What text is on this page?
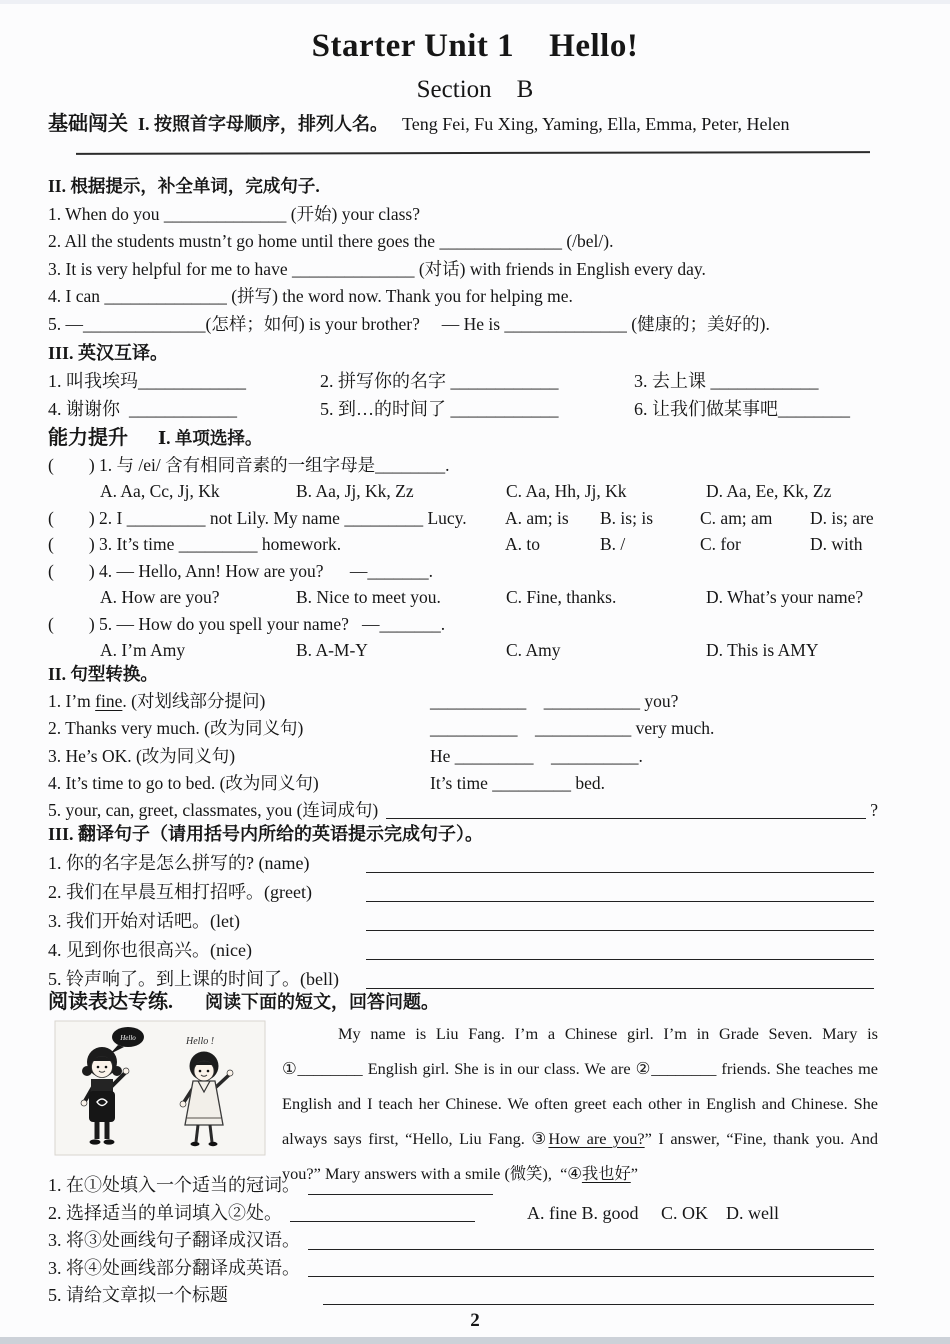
Starter Unit 1    Hello!
Section    B
基础闯关 I. 按照首字母顺序，排列人名。 Teng Fei, Fu Xing, Yaming, Ella, Emma, Peter, Helen
II. 根据提示，补全单词，完成句子.
1. When do you ______________ (开始) your class?
2. All the students mustn’t go home until there goes the ______________ (/bel/).
3. It is very helpful for me to have ______________ (对话) with friends in English every day.
4. I can ______________ (拼写) the word now. Thank you for helping me.
5. —______________(怎样；如何) is your brother?     — He is ______________ (健康的；美好的).
III. 英汉互译。
1. 叫我埃玛____________	2. 拼写你的名字 ____________	3. 去上课 ____________
4. 谢谢你  ____________	5. 到…的时间了 ____________	6. 让我们做某事吧________
能力提升 Ⅰ. 单项选择。
(        ) 1. 与 /ei/ 含有相同音素的一组字母是________.
A. Aa, Cc, Jj, Kk	B. Aa, Jj, Kk, Zz	C. Aa, Hh, Jj, Kk	D. Aa, Ee, Kk, Zz
(        ) 2. I _________ not Lily. My name _________ Lucy.	A. am; is	B. is; is	C. am; am	D. is; are
(        ) 3. It’s time _________ homework.	A. to	B. /	C. for	D. with
(        ) 4. — Hello, Ann! How are you?      —_______.
A. How are you?	B. Nice to meet you.	C. Fine, thanks.	D. What’s your name?
(        ) 5. — How do you spell your name?   —_______.
A. I’m Amy	B. A-M-Y	C. Amy	D. This is AMY
II. 句型转换。
1. I’m fine. (对划线部分提问)	___________    ___________ you?
2. Thanks very much. (改为同义句)	__________    ___________ very much.
3. He’s OK. (改为同义句)	He _________    __________.
4. It’s time to go to bed. (改为同义句)	It’s time _________ bed.
5. your, can, greet, classmates, you (连词成句)	?
III. 翻译句子（请用括号内所给的英语提示完成句子）。
1. 你的名字是怎么拼写的? (name)
2. 我们在早晨互相打招呼。(greet)
3. 我们开始对话吧。(let)
4. 见到你也很高兴。(nice)
5. 铃声响了。到上课的时间了。(bell)
阅读表达专练. 阅读下面的短文，回答问题。
Hello	Hello !	My name is Liu Fang. I’m a Chinese girl. I’m in Grade Seven. Mary is ①________ English girl. She is in our class. We are ②________ friends. She teaches me English and I teach her Chinese. We often greet each other in English and Chinese. She always says first, “Hello, Liu Fang. ③How are you?” I answer, “Fine, thank you. And you?” Mary answers with a smile (微笑),  “④我也好”
1. 在①处填入一个适当的冠词。
2. 选择适当的单词填入②处。	A. fine B. good     C. OK    D. well
3. 将③处画线句子翻译成汉语。
3. 将④处画线部分翻译成英语。
5. 请给文章拟一个标题
2
